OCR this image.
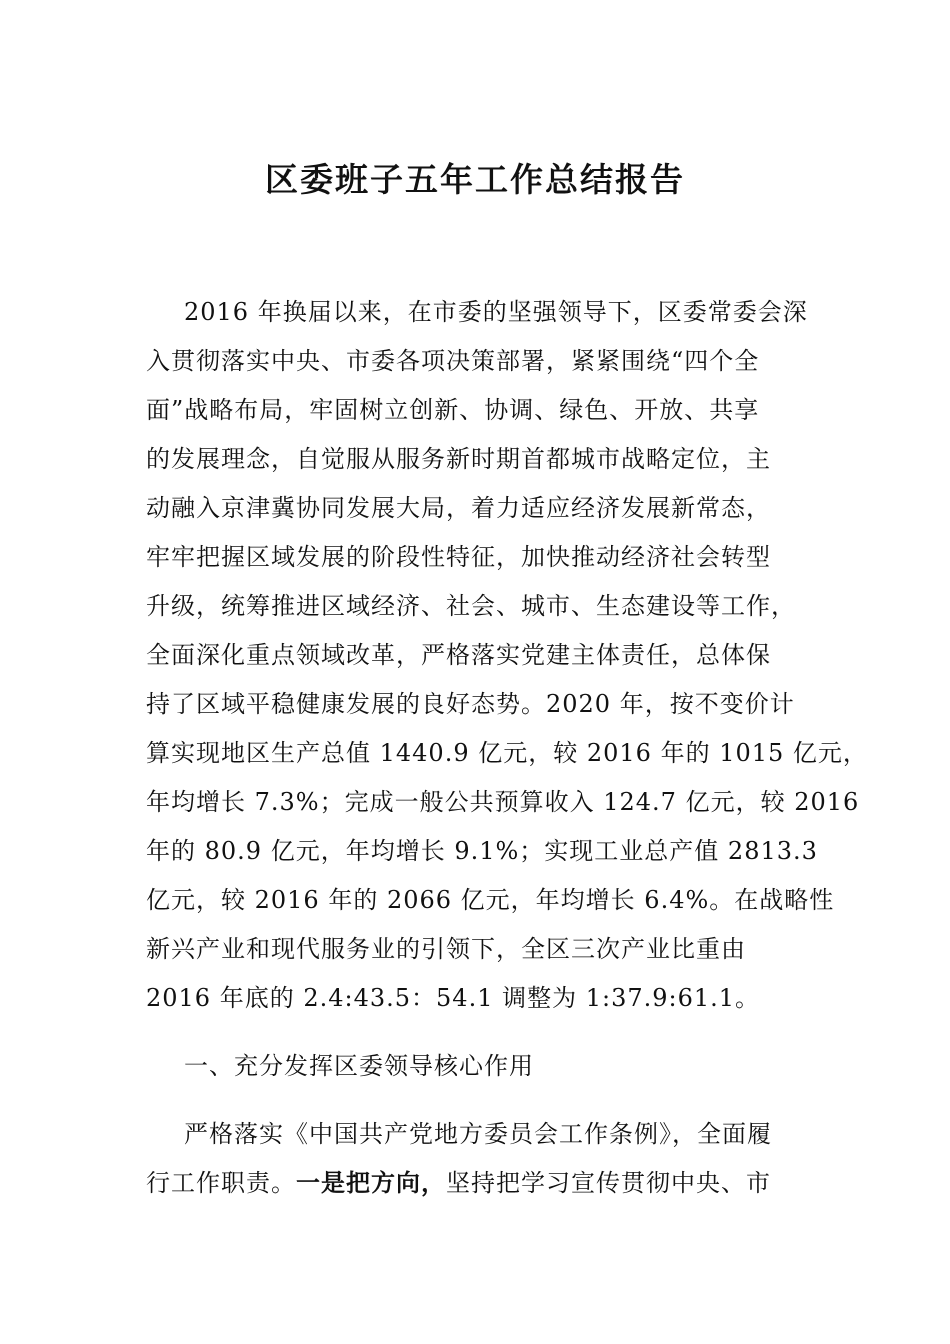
区委班子五年工作总结报告
2016 年换届以来，在市委的坚强领导下，区委常委会深
入贯彻落实中央、市委各项决策部署，紧紧围绕“四个全
面”战略布局，牢固树立创新、协调、绿色、开放、共享
的发展理念，自觉服从服务新时期首都城市战略定位，主
动融入京津冀协同发展大局，着力适应经济发展新常态，
牢牢把握区域发展的阶段性特征，加快推动经济社会转型
升级，统筹推进区域经济、社会、城市、生态建设等工作，
全面深化重点领域改革，严格落实党建主体责任，总体保
持了区域平稳健康发展的良好态势。2020 年，按不变价计
算实现地区生产总值 1440.9 亿元，较 2016 年的 1015 亿元，
年均增长 7.3%；完成一般公共预算收入 124.7 亿元，较 2016
年的 80.9 亿元，年均增长 9.1%；实现工业总产值 2813.3
亿元，较 2016 年的 2066 亿元，年均增长 6.4%。在战略性
新兴产业和现代服务业的引领下，全区三次产业比重由
2016 年底的 2.4:43.5：54.1 调整为 1:37.9:61.1。
一、充分发挥区委领导核心作用
严格落实《中国共产党地方委员会工作条例》，全面履
行工作职责。一是把方向，坚持把学习宣传贯彻中央、市
